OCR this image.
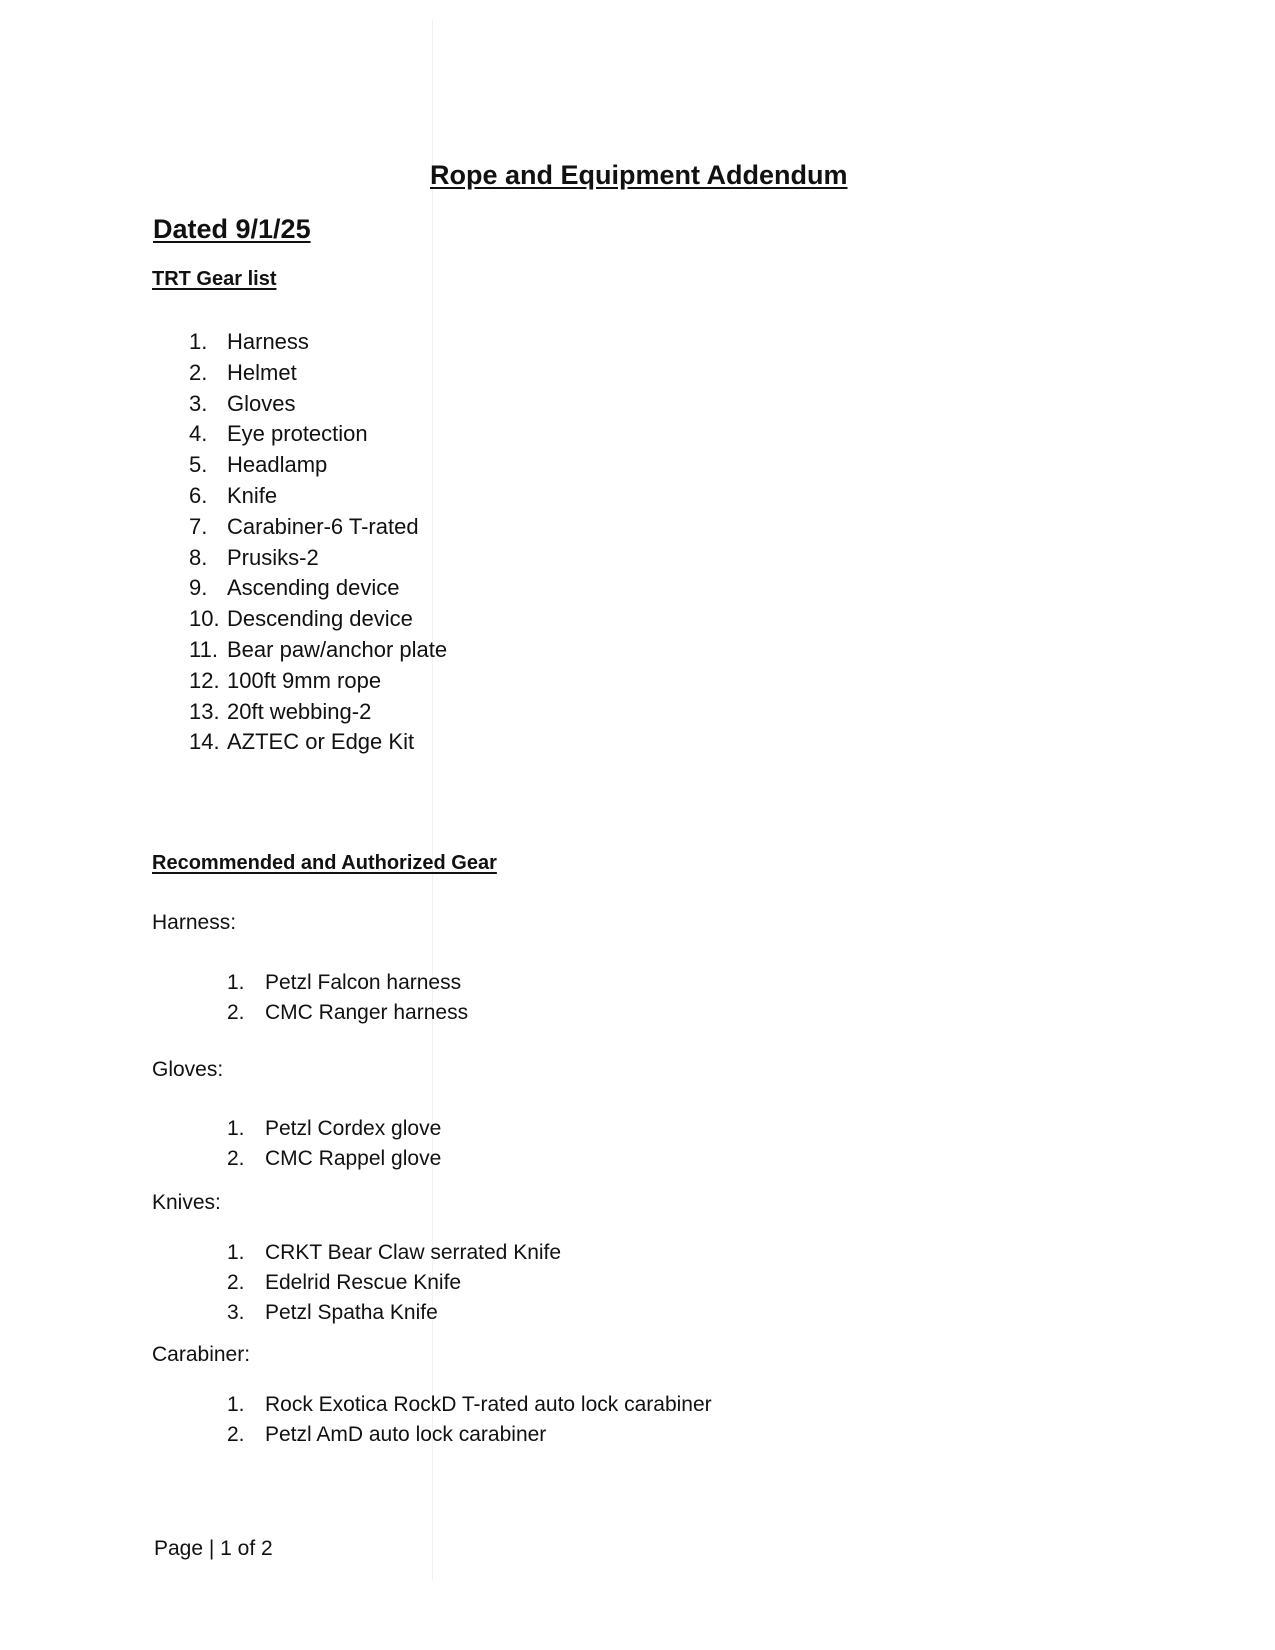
Rope and Equipment Addendum
Dated 9/1/25
TRT Gear list
1. Harness
2. Helmet
3. Gloves
4. Eye protection
5. Headlamp
6. Knife
7. Carabiner-6 T-rated
8. Prusiks-2
9. Ascending device
10. Descending device
11. Bear paw/anchor plate
12. 100ft 9mm rope
13. 20ft webbing-2
14. AZTEC or Edge Kit
Recommended and Authorized Gear
Harness:
1. Petzl Falcon harness
2. CMC Ranger harness
Gloves:
1. Petzl Cordex glove
2. CMC Rappel glove
Knives:
1. CRKT Bear Claw serrated Knife
2. Edelrid Rescue Knife
3. Petzl Spatha Knife
Carabiner:
1. Rock Exotica RockD T-rated auto lock carabiner
2. Petzl AmD auto lock carabiner
Page | 1 of 2
